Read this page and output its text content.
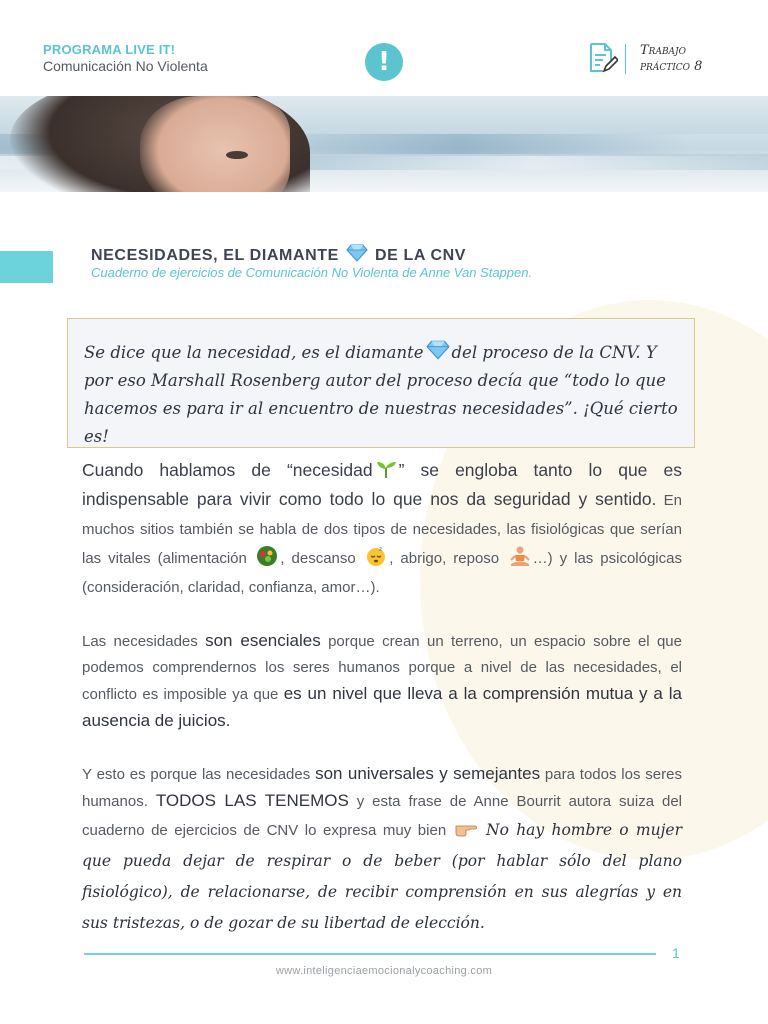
PROGRAMA LIVE IT!
Comunicación No Violenta	!	Trabajo
práctico 8
NECESIDADES, EL DIAMANTE DE LA CNV
Cuaderno de ejercicios de Comunicación No Violenta de Anne Van Stappen.

Se dice que la necesidad, es el diamante del proceso de la CNV. Y por eso Marshall Rosenberg autor del proceso decía que “todo lo que hacemos es para ir al encuentro de nuestras necesidades”. ¡Qué cierto es!

Cuando hablamos de “necesidad ” se engloba tanto lo que es indispensable para vivir como todo lo que nos da seguridad y sentido. En muchos sitios también se habla de dos tipos de necesidades, las fisiológicas que serían las vitales (alimentación , descanso
z
, abrigo, reposo …) y las psicológicas (consideración, claridad, confianza, amor…).

Las necesidades son esenciales porque crean un terreno, un espacio sobre el que podemos comprendernos los seres humanos porque a nivel de las necesidades, el conflicto es imposible ya que es un nivel que lleva a la comprensión mutua y a la ausencia de juicios.

Y esto es porque las necesidades son universales y semejantes para todos los seres humanos. TODOS LAS TENEMOS y esta frase de Anne Bourrit autora suiza del cuaderno de ejercicios de CNV lo expresa muy bien  No hay hombre o mujer que pueda dejar de respirar o de beber (por hablar sólo del plano fisiológico), de relacionarse, de recibir comprensión en sus alegrías y en sus tristezas, o de gozar de su libertad de elección.

1
www.inteligenciaemocionalycoaching.com
